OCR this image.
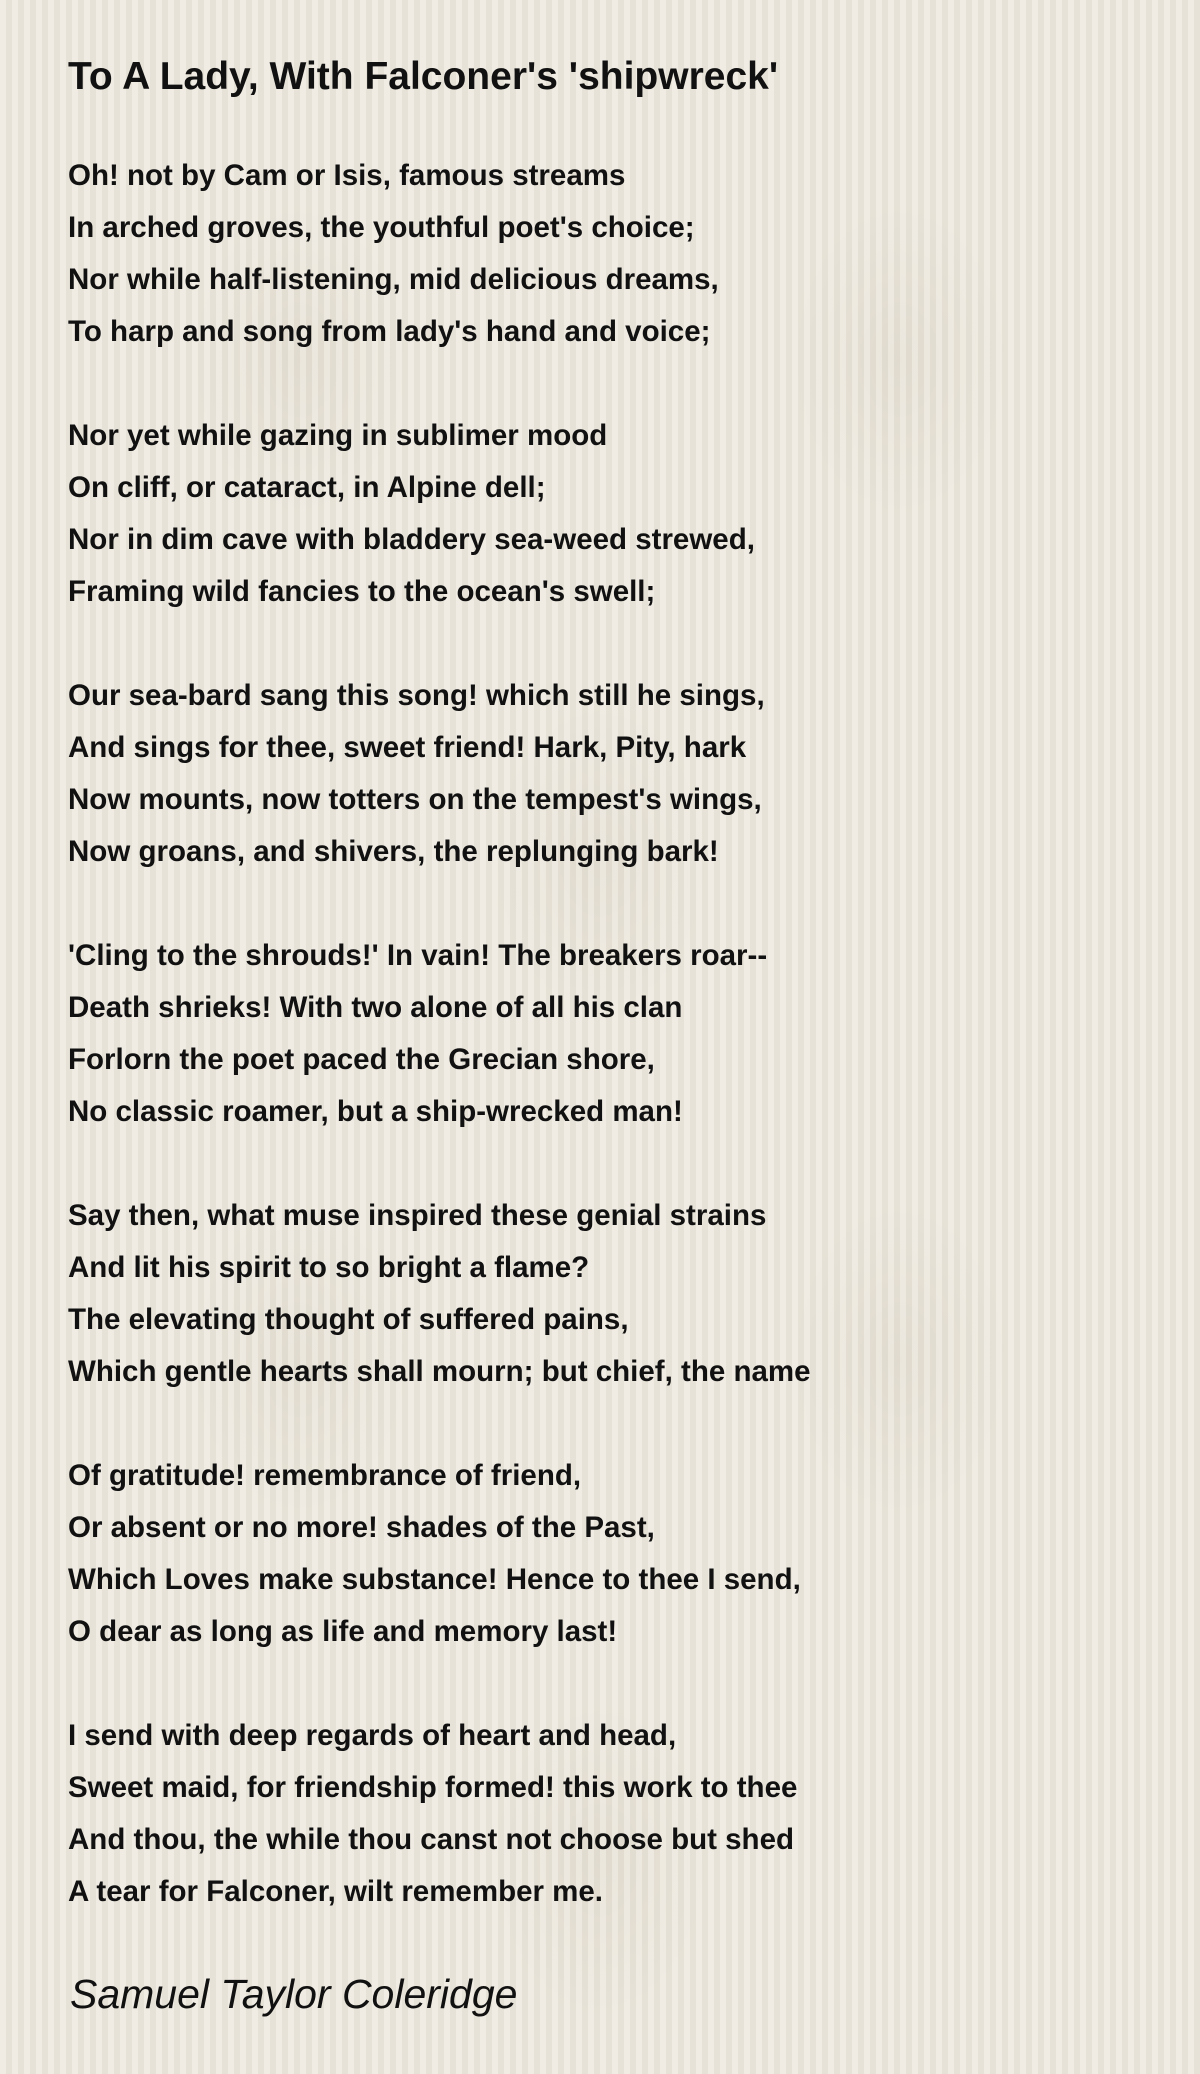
To A Lady, With Falconer's 'shipwreck'
Oh! not by Cam or Isis, famous streams
In arched groves, the youthful poet's choice;
Nor while half-listening, mid delicious dreams,
To harp and song from lady's hand and voice;
Nor yet while gazing in sublimer mood
On cliff, or cataract, in Alpine dell;
Nor in dim cave with bladdery sea-weed strewed,
Framing wild fancies to the ocean's swell;
Our sea-bard sang this song! which still he sings,
And sings for thee, sweet friend! Hark, Pity, hark
Now mounts, now totters on the tempest's wings,
Now groans, and shivers, the replunging bark!
'Cling to the shrouds!' In vain! The breakers roar--
Death shrieks! With two alone of all his clan
Forlorn the poet paced the Grecian shore,
No classic roamer, but a ship-wrecked man!
Say then, what muse inspired these genial strains
And lit his spirit to so bright a flame?
The elevating thought of suffered pains,
Which gentle hearts shall mourn; but chief, the name
Of gratitude! remembrance of friend,
Or absent or no more! shades of the Past,
Which Loves make substance! Hence to thee I send,
O dear as long as life and memory last!
I send with deep regards of heart and head,
Sweet maid, for friendship formed! this work to thee
And thou, the while thou canst not choose but shed
A tear for Falconer, wilt remember me.
Samuel Taylor Coleridge
